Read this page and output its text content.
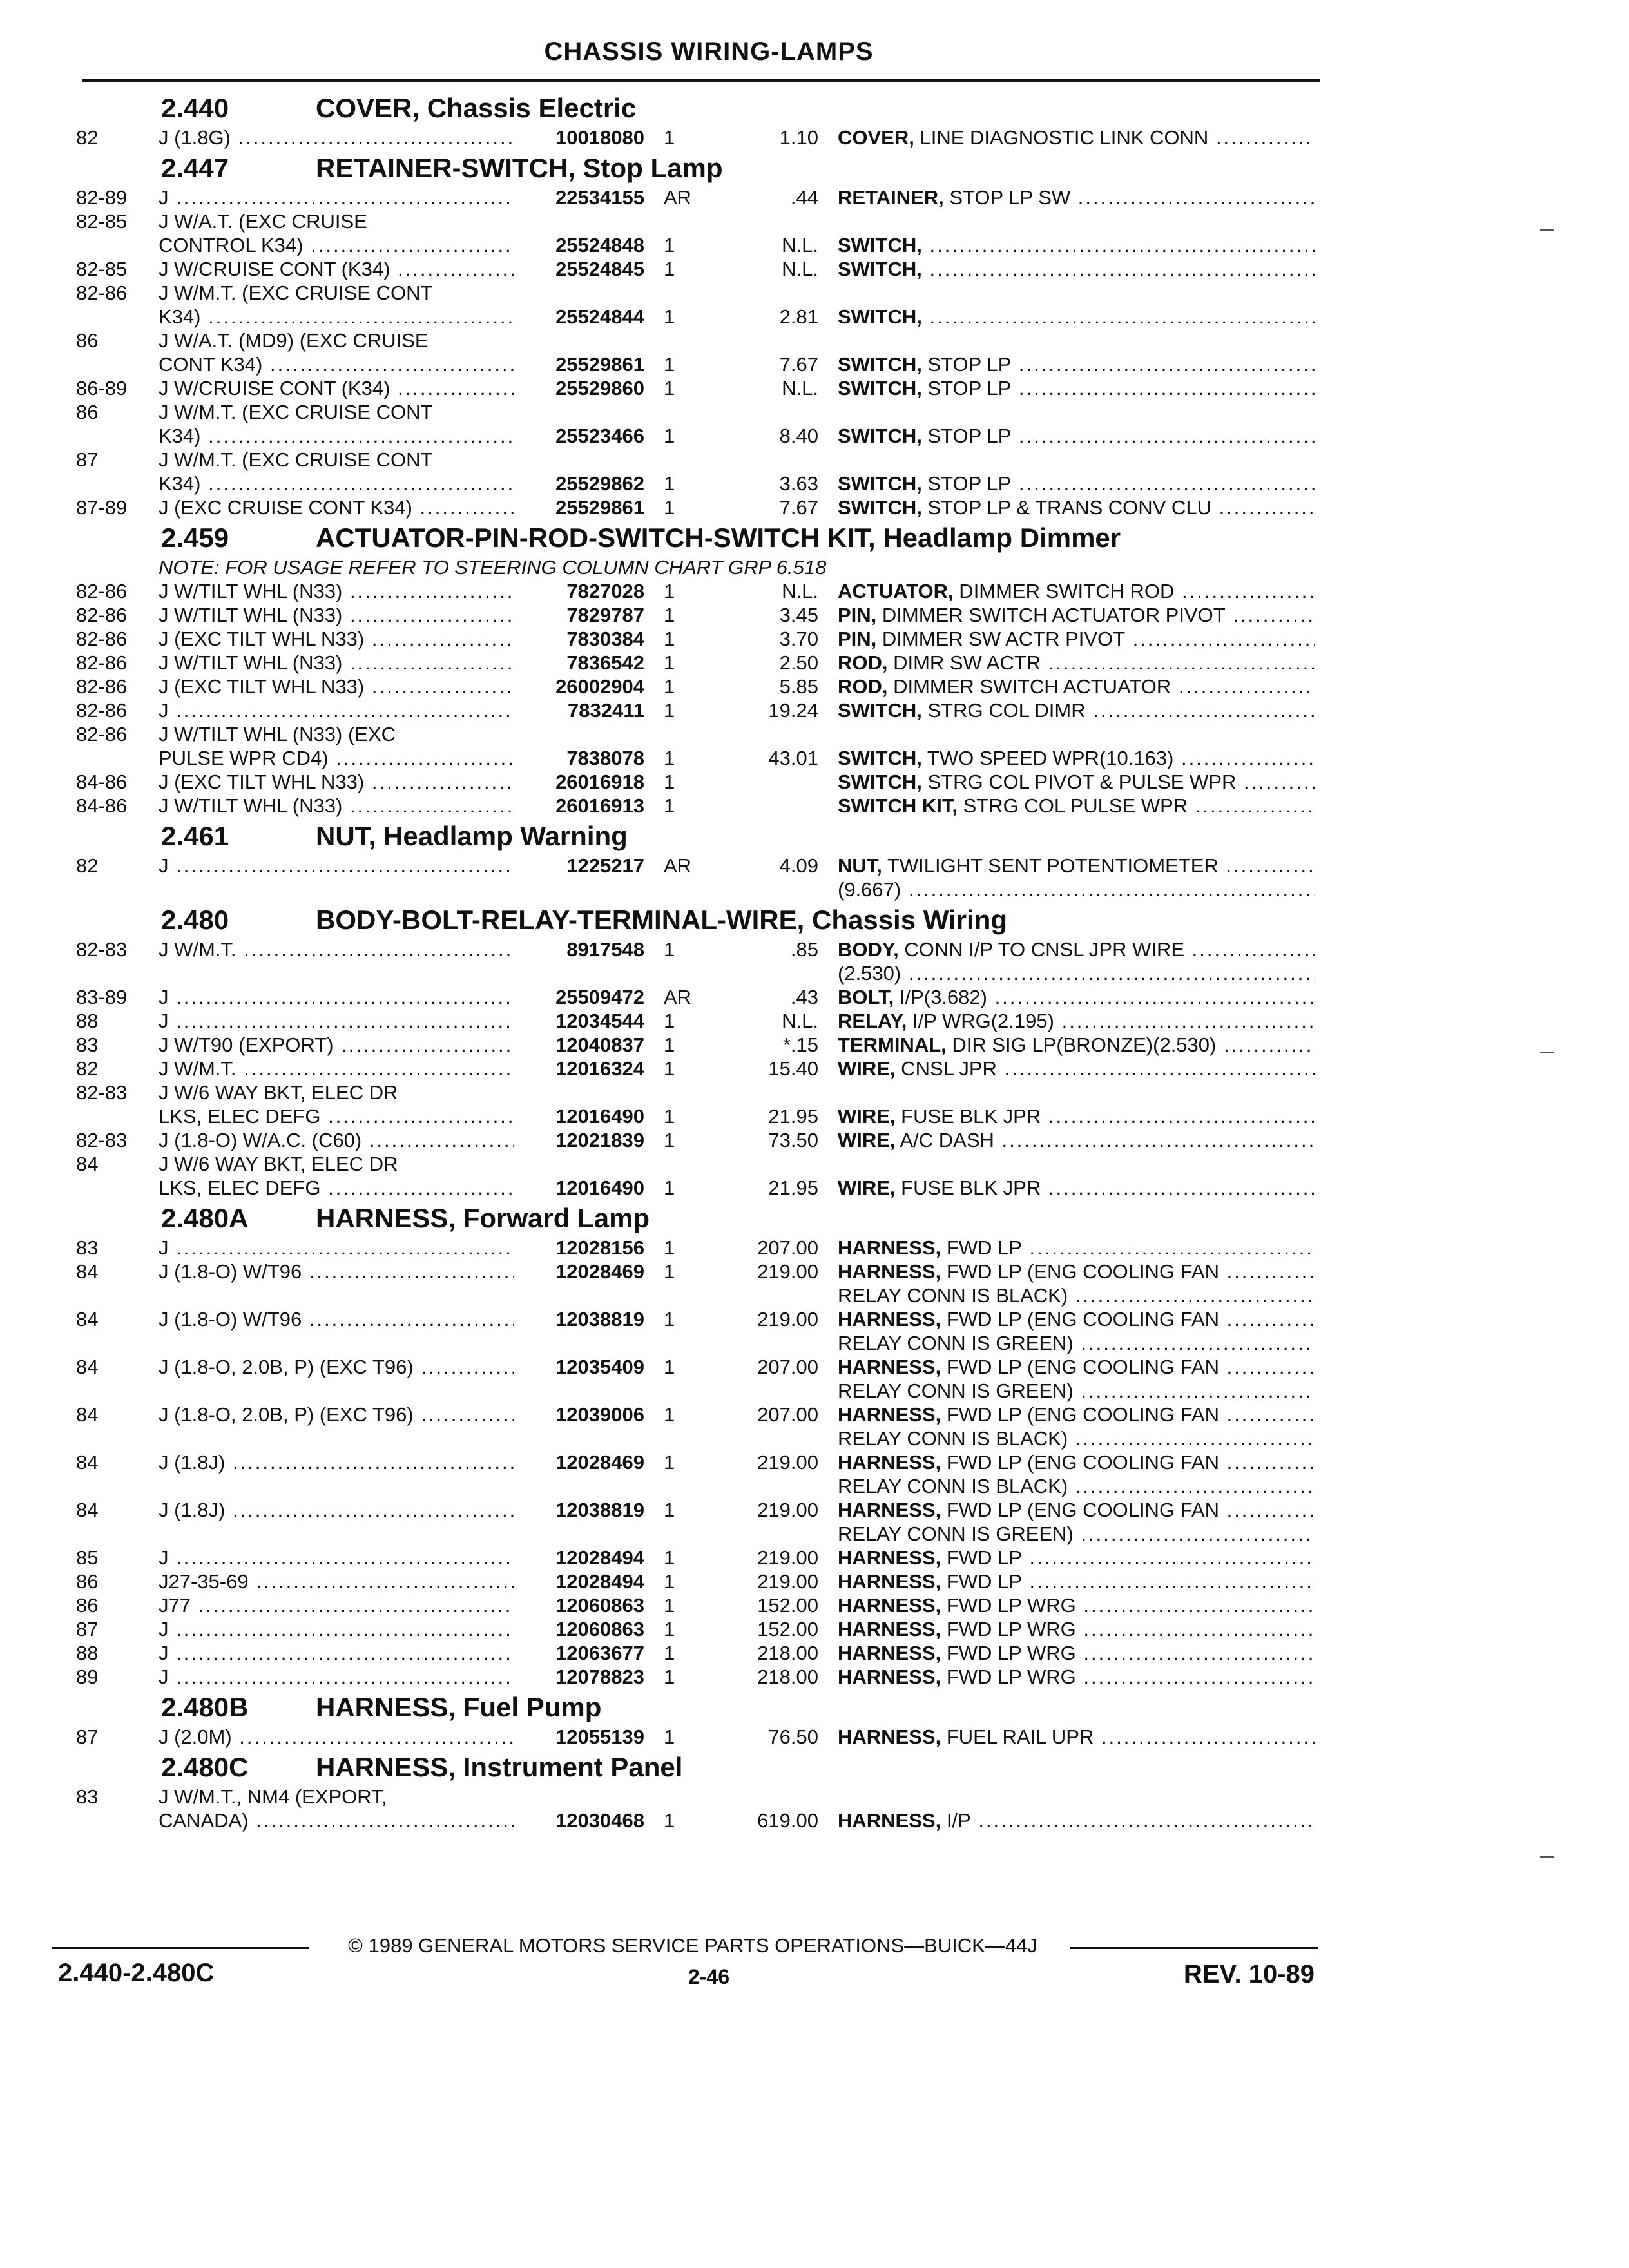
CHASSIS WIRING-LAMPS
2.440	COVER, Chassis Electric
82	J (1.8G) .....	10018080 1	1.10 COVER, LINE DIAGNOSTIC LINK CONN .....
2.447	RETAINER-SWITCH, Stop Lamp
82-89	J .....	22534155 AR	.44 RETAINER, STOP LP SW .....
82-85	J W/A.T. (EXC CRUISE
CONTROL K34) .....	25524848 1	N.L. SWITCH, .....
82-85	J W/CRUISE CONT (K34) .....	25524845 1	N.L. SWITCH, .....
82-86	J W/M.T. (EXC CRUISE CONT
K34) .....	25524844 1	2.81 SWITCH, .....
86	J W/A.T. (MD9) (EXC CRUISE
CONT K34) .....	25529861 1	7.67 SWITCH, STOP LP .....
86-89	J W/CRUISE CONT (K34) .....	25529860 1	N.L. SWITCH, STOP LP .....
86	J W/M.T. (EXC CRUISE CONT
K34) .....	25523466 1	8.40 SWITCH, STOP LP .....
87	J W/M.T. (EXC CRUISE CONT
K34) .....	25529862 1	3.63 SWITCH, STOP LP .....
87-89	J (EXC CRUISE CONT K34) .....	25529861 1	7.67 SWITCH, STOP LP & TRANS CONV CLU .....
2.459	ACTUATOR-PIN-ROD-SWITCH-SWITCH KIT, Headlamp Dimmer
NOTE: FOR USAGE REFER TO STEERING COLUMN CHART GRP 6.518
82-86	J W/TILT WHL (N33) .....	7827028 1	N.L. ACTUATOR, DIMMER SWITCH ROD .....
82-86	J W/TILT WHL (N33) .....	7829787 1	3.45 PIN, DIMMER SWITCH ACTUATOR PIVOT .....
82-86	J (EXC TILT WHL N33) .....	7830384 1	3.70 PIN, DIMMER SW ACTR PIVOT .....
82-86	J W/TILT WHL (N33) .....	7836542 1	2.50 ROD, DIMR SW ACTR .....
82-86	J (EXC TILT WHL N33) .....	26002904 1	5.85 ROD, DIMMER SWITCH ACTUATOR .....
82-86	J .....	7832411 1	19.24 SWITCH, STRG COL DIMR .....
82-86	J W/TILT WHL (N33) (EXC
PULSE WPR CD4) .....	7838078 1	43.01 SWITCH, TWO SPEED WPR(10.163) .....
84-86	J (EXC TILT WHL N33) .....	26016918 1	SWITCH, STRG COL PIVOT & PULSE WPR .....
84-86	J W/TILT WHL (N33) .....	26016913 1	SWITCH KIT, STRG COL PULSE WPR .....
2.461	NUT, Headlamp Warning
82	J .....	1225217 AR	4.09 NUT, TWILIGHT SENT POTENTIOMETER .....
(9.667) .....
2.480	BODY-BOLT-RELAY-TERMINAL-WIRE, Chassis Wiring
82-83	J W/M.T. .....	8917548 1	.85 BODY, CONN I/P TO CNSL JPR WIRE .....
(2.530) .....
83-89	J .....	25509472 AR	.43 BOLT, I/P(3.682) .....
88	J .....	12034544 1	N.L. RELAY, I/P WRG(2.195) .....
83	J W/T90 (EXPORT) .....	12040837 1	*.15 TERMINAL, DIR SIG LP(BRONZE)(2.530) .....
82	J W/M.T. .....	12016324 1	15.40 WIRE, CNSL JPR .....
82-83	J W/6 WAY BKT, ELEC DR
LKS, ELEC DEFG .....	12016490 1	21.95 WIRE, FUSE BLK JPR .....
82-83	J (1.8-O) W/A.C. (C60) .....	12021839 1	73.50 WIRE, A/C DASH .....
84	J W/6 WAY BKT, ELEC DR
LKS, ELEC DEFG .....	12016490 1	21.95 WIRE, FUSE BLK JPR .....
2.480A HARNESS, Forward Lamp
83	J .....	12028156 1	207.00 HARNESS, FWD LP .....
84	J (1.8-O) W/T96 .....	12028469 1	219.00 HARNESS, FWD LP (ENG COOLING FAN .....
RELAY CONN IS BLACK) .....
84	J (1.8-O) W/T96 .....	12038819 1	219.00 HARNESS, FWD LP (ENG COOLING FAN .....
RELAY CONN IS GREEN) .....
84	J (1.8-O, 2.0B, P) (EXC T96) .....	12035409 1	207.00 HARNESS, FWD LP (ENG COOLING FAN .....
RELAY CONN IS GREEN) .....
84	J (1.8-O, 2.0B, P) (EXC T96) .....	12039006 1	207.00 HARNESS, FWD LP (ENG COOLING FAN .....
RELAY CONN IS BLACK) .....
84	J (1.8J) .....	12028469 1	219.00 HARNESS, FWD LP (ENG COOLING FAN .....
RELAY CONN IS BLACK) .....
84	J (1.8J) .....	12038819 1	219.00 HARNESS, FWD LP (ENG COOLING FAN .....
RELAY CONN IS GREEN) .....
85	J .....	12028494 1	219.00 HARNESS, FWD LP .....
86	J27-35-69 .....	12028494 1	219.00 HARNESS, FWD LP .....
86	J77 .....	12060863 1	152.00 HARNESS, FWD LP WRG .....
87	J .....	12060863 1	152.00 HARNESS, FWD LP WRG .....
88	J .....	12063677 1	218.00 HARNESS, FWD LP WRG .....
89	J .....	12078823 1	218.00 HARNESS, FWD LP WRG .....
2.480B HARNESS, Fuel Pump
87	J (2.0M) .....	12055139 1	76.50 HARNESS, FUEL RAIL UPR .....
2.480C HARNESS, Instrument Panel
83	J W/M.T., NM4 (EXPORT,
CANADA) .....	12030468 1	619.00 HARNESS, I/P .....
© 1989 GENERAL MOTORS SERVICE PARTS OPERATIONS—BUICK—44J
2.440-2.480C	2-46	REV. 10-89
